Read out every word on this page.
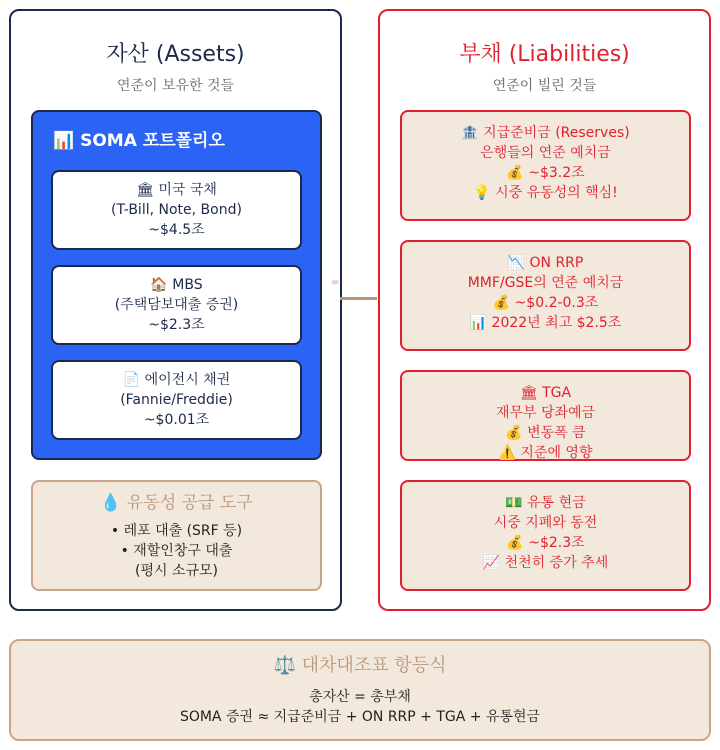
자산 (Assets)
연준이 보유한 것들
📊 SOMA 포트폴리오
🏛 미국 국채
(T-Bill, Note, Bond)
~$4.5조
🏠 MBS
(주택담보대출 증권)
~$2.3조
📄 에이전시 채권
(Fannie/Freddie)
~$0.01조
💧 유동성 공급 도구
• 레포 대출 (SRF 등)
• 재할인창구 대출
(평시 소규모)
=
부채 (Liabilities)
연준이 빌린 것들
🏦 지급준비금 (Reserves)
은행들의 연준 예치금
💰 ~$3.2조
💡 시중 유동성의 핵심!
📉 ON RRP
MMF/GSE의 연준 예치금
💰 ~$0.2-0.3조
📊 2022년 최고 $2.5조
🏛 TGA
재무부 당좌예금
💰 변동폭 큼
⚠️ 지준에 영향
💵 유통 현금
시중 지폐와 동전
💰 ~$2.3조
📈 천천히 증가 추세
⚖️ 대차대조표 항등식
총자산 = 총부채
SOMA 증권 ≈ 지급준비금 + ON RRP + TGA + 유통현금
